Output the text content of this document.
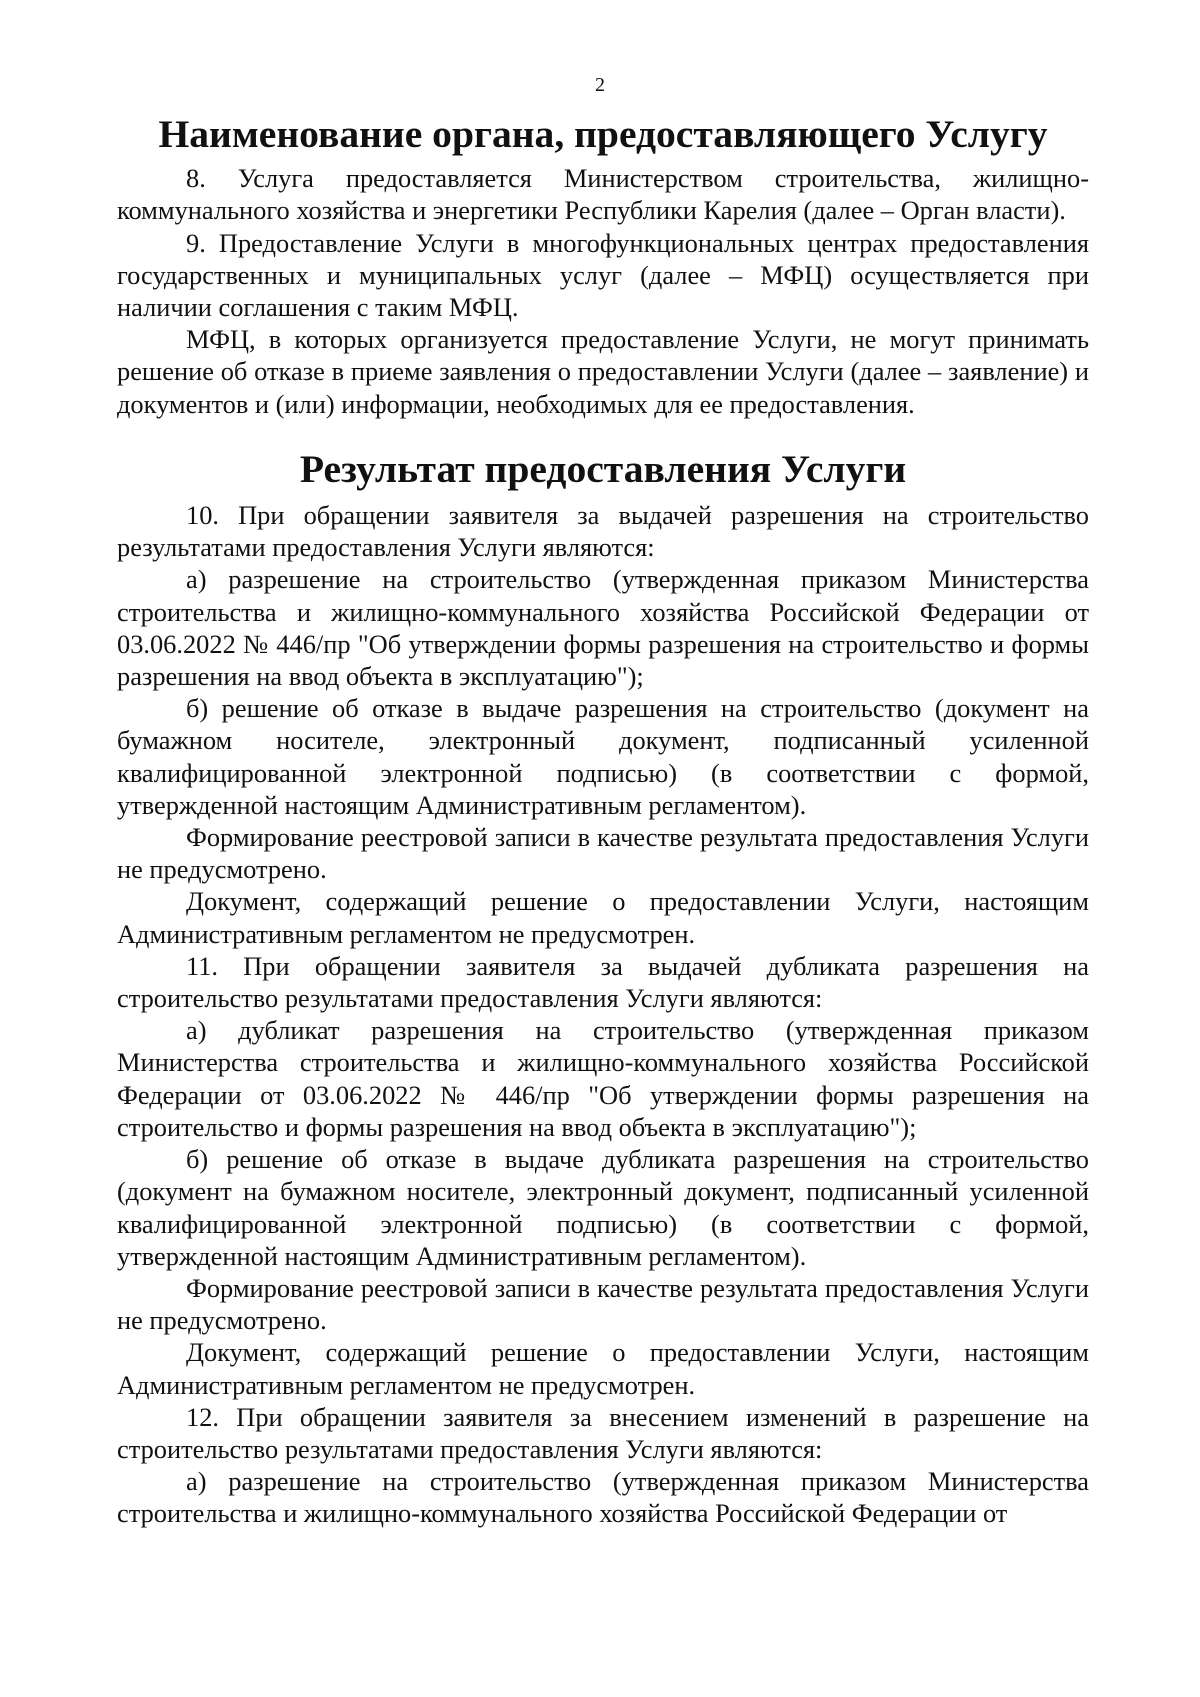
2
Наименование органа, предоставляющего Услугу

8. Услуга предоставляется Министерством строительства, жилищно-коммунального хозяйства и энергетики Республики Карелия (далее – Орган власти).

9. Предоставление Услуги в многофункциональных центрах предоставления государственных и муниципальных услуг (далее – МФЦ) осуществляется при наличии соглашения с таким МФЦ.

МФЦ, в которых организуется предоставление Услуги, не могут принимать решение об отказе в приеме заявления о предоставлении Услуги (далее – заявление) и документов и (или) информации, необходимых для ее предоставления.

Результат предоставления Услуги

10. При обращении заявителя за выдачей разрешения на строительство результатами предоставления Услуги являются:

а) разрешение на строительство (утвержденная приказом Министерства строительства и жилищно-коммунального хозяйства Российской Федерации от 03.06.2022 № 446/пр "Об утверждении формы разрешения на строительство и формы разрешения на ввод объекта в эксплуатацию");

б) решение об отказе в выдаче разрешения на строительство (документ на бумажном носителе, электронный документ, подписанный усиленной квалифицированной электронной подписью) (в соответствии с формой, утвержденной настоящим Административным регламентом).

Формирование реестровой записи в качестве результата предоставления Услуги не предусмотрено.

Документ, содержащий решение о предоставлении Услуги, настоящим Административным регламентом не предусмотрен.

11. При обращении заявителя за выдачей дубликата разрешения на строительство результатами предоставления Услуги являются:

а) дубликат разрешения на строительство (утвержденная приказом Министерства строительства и жилищно-коммунального хозяйства Российской Федерации от 03.06.2022 № 446/пр "Об утверждении формы разрешения на строительство и формы разрешения на ввод объекта в эксплуатацию");

б) решение об отказе в выдаче дубликата разрешения на строительство (документ на бумажном носителе, электронный документ, подписанный усиленной квалифицированной электронной подписью) (в соответствии с формой, утвержденной настоящим Административным регламентом).

Формирование реестровой записи в качестве результата предоставления Услуги не предусмотрено.

Документ, содержащий решение о предоставлении Услуги, настоящим Административным регламентом не предусмотрен.

12. При обращении заявителя за внесением изменений в разрешение на строительство результатами предоставления Услуги являются:

а) разрешение на строительство (утвержденная приказом Министерства строительства и жилищно-коммунального хозяйства Российской Федерации от
